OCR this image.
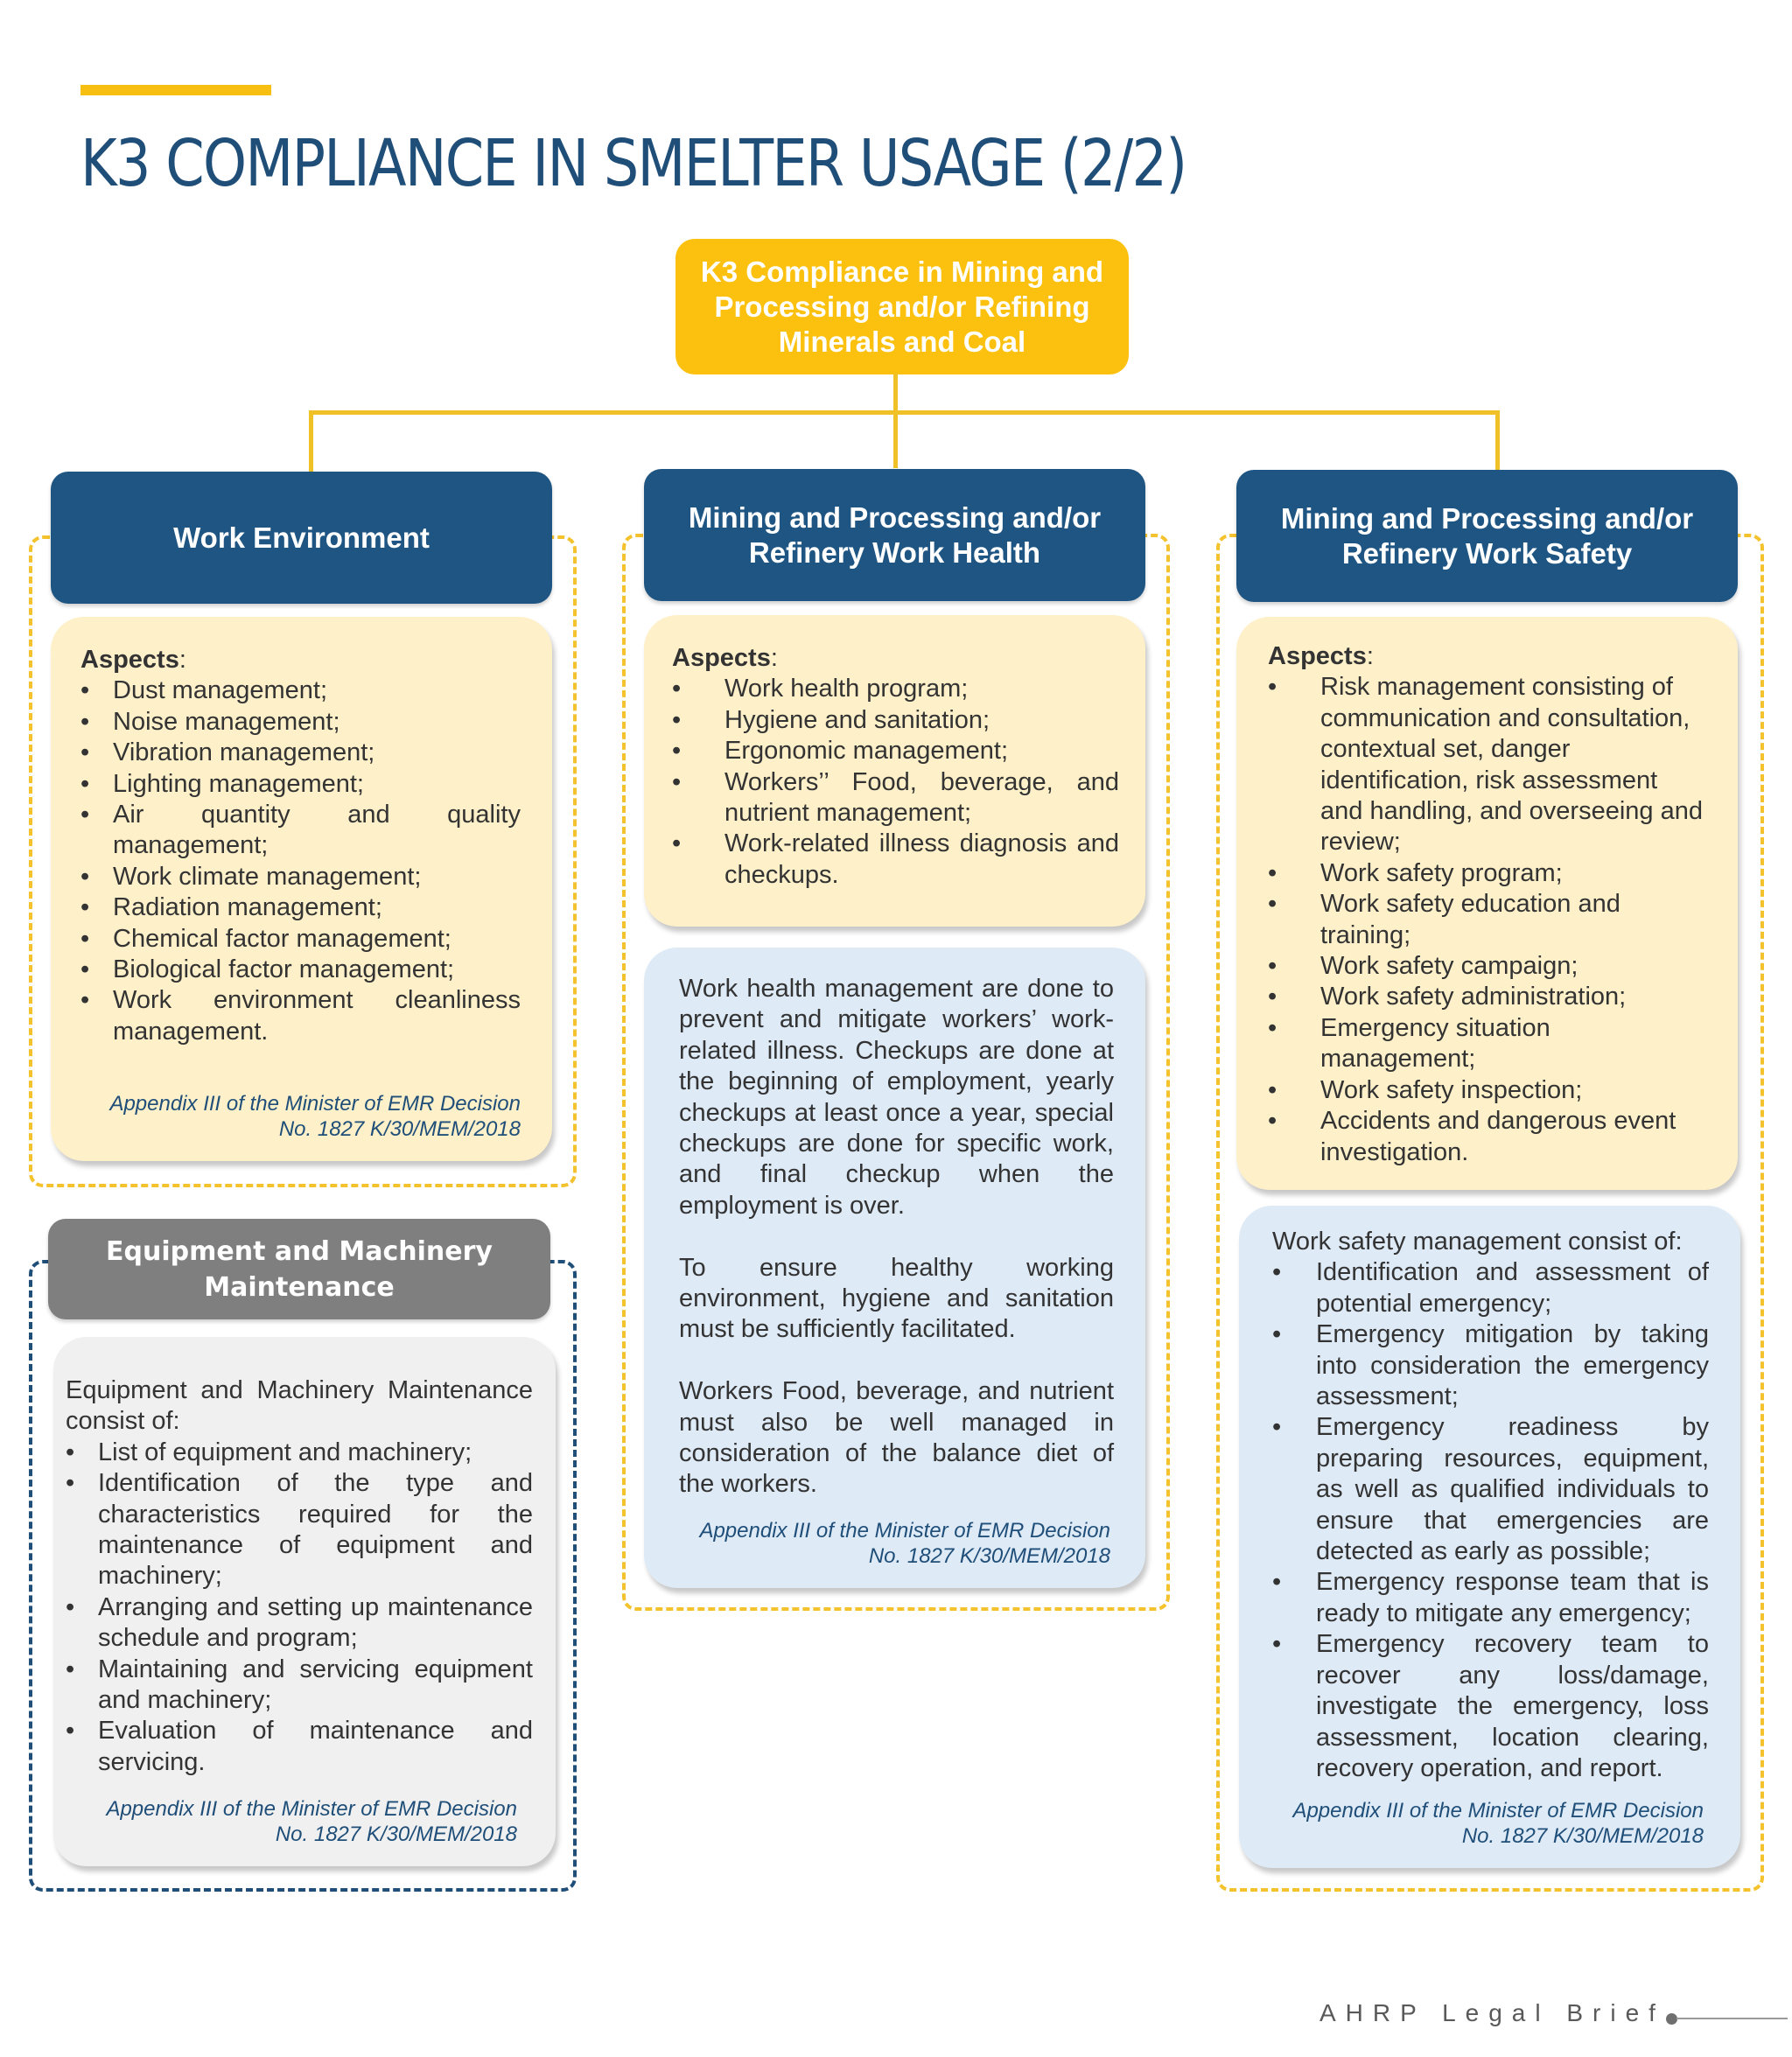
K3 COMPLIANCE IN SMELTER USAGE (2/2)
K3 Compliance in Mining and Processing and/or Refining Minerals and Coal
Work Environment
Aspects:
• Dust management;
• Noise management;
• Vibration management;
• Lighting management;
• Air quantity and quality management;
• Work climate management;
• Radiation management;
• Chemical factor management;
• Biological factor management;
• Work environment cleanliness management.
Appendix III of the Minister of EMR Decision
No. 1827 K/30/MEM/2018
Equipment and Machinery Maintenance

Equipment and Machinery Maintenance consist of:

• List of equipment and machinery;
• Identification of the type and characteristics required for the maintenance of equipment and machinery;
• Arranging and setting up maintenance schedule and program;
• Maintaining and servicing equipment and machinery;
• Evaluation of maintenance and servicing.
Appendix III of the Minister of EMR Decision
No. 1827 K/30/MEM/2018
Mining and Processing and/or Refinery Work Health
Aspects:
• Work health program;
• Hygiene and sanitation;
• Ergonomic management;
• Workers’’ Food, beverage, and nutrient management;
• Work-related illness diagnosis and checkups.

Work health management are done to prevent and mitigate workers’ work-related illness. Checkups are done at the beginning of employment, yearly checkups at least once a year, special checkups are done for specific work, and final checkup when the employment is over.

To ensure healthy working environment, hygiene and sanitation must be sufficiently facilitated.

Workers Food, beverage, and nutrient must also be well managed in consideration of the balance diet of the workers.

Appendix III of the Minister of EMR Decision
No. 1827 K/30/MEM/2018
Mining and Processing and/or Refinery Work Safety
Aspects:
• Risk management consisting of communication and consultation, contextual set, danger identification, risk assessment and handling, and overseeing and review;
• Work safety program;
• Work safety education and training;
• Work safety campaign;
• Work safety administration;
• Emergency situation management;
• Work safety inspection;
• Accidents and dangerous event investigation.

Work safety management consist of:

• Identification and assessment of potential emergency;
• Emergency mitigation by taking into consideration the emergency assessment;
• Emergency readiness by preparing resources, equipment, as well as qualified individuals to ensure that emergencies are detected as early as possible;
• Emergency response team that is ready to mitigate any emergency;
• Emergency recovery team to recover any loss/damage, investigate the emergency, loss assessment, location clearing, recovery operation, and report.
Appendix III of the Minister of EMR Decision
No. 1827 K/30/MEM/2018
AHRP Legal Brief
